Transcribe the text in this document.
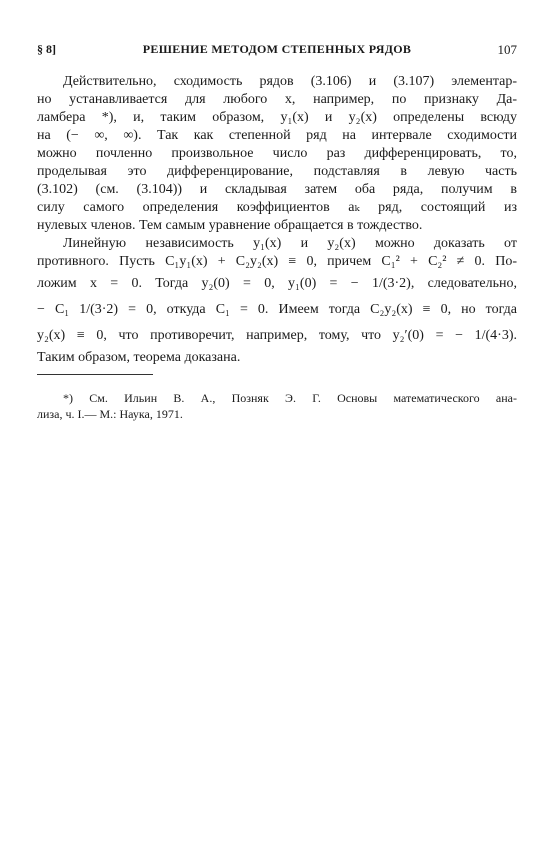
§ 8]	РЕШЕНИЕ МЕТОДОМ СТЕПЕННЫХ РЯДОВ	107
Действительно, сходимость рядов (3.106) и (3.107) элементар-
но устанавливается для любого x, например, по признаку Да-
ламбера *), и, таким образом, y₁(x) и y₂(x) определены всюду
на (− ∞, ∞). Так как степенной ряд на интервале сходимости
можно почленно произвольное число раз дифференцировать, то,
проделывая это дифференцирование, подставляя в левую часть
(3.102) (см. (3.104)) и складывая затем оба ряда, получим в
силу самого определения коэффициентов aₖ ряд, состоящий из
нулевых членов. Тем самым уравнение обращается в тождество.
Линейную независимость y₁(x) и y₂(x) можно доказать от
противного. Пусть C₁y₁(x) + C₂y₂(x) ≡ 0, причем C₁² + C₂² ≠ 0. По-
ложим x = 0. Тогда y₂(0) = 0, y₁(0) = − 1/(3·2), следовательно,
− C₁ 1/(3·2) = 0, откуда C₁ = 0. Имеем тогда C₂y₂(x) ≡ 0, но тогда
y₂(x) ≡ 0, что противоречит, например, тому, что y₂′(0) = − 1/(4·3).
Таким образом, теорема доказана.
*) См. Ильин В. А., Позняк Э. Г. Основы математического ана-
лиза, ч. I.— М.: Наука, 1971.
